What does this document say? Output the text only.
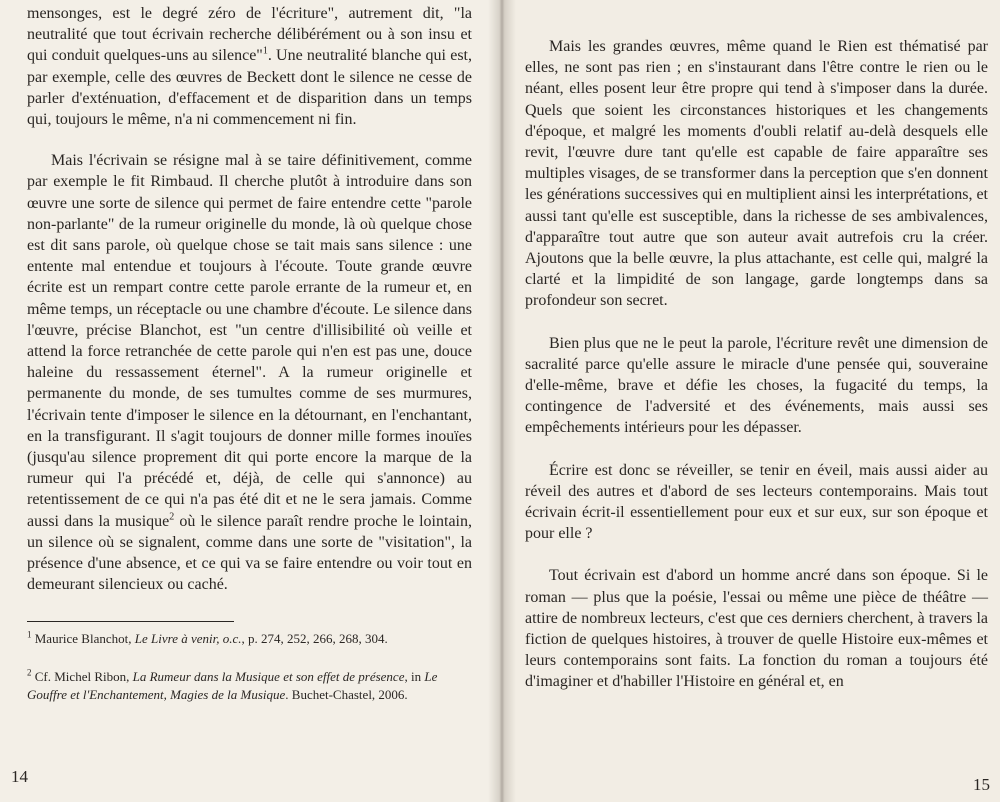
mensonges, est le degré zéro de l'écriture", autrement dit, "la neutralité que tout écrivain recherche délibérément ou à son insu et qui conduit quelques-uns au silence"$^1$. Une neutralité blanche qui est, par exemple, celle des œuvres de Beckett dont le silence ne cesse de parler d'exténuation, d'effacement et de disparition dans un temps qui, toujours le même, n'a ni commencement ni fin.

Mais l'écrivain se résigne mal à se taire définitivement, comme par exemple le fit Rimbaud. Il cherche plutôt à introduire dans son œuvre une sorte de silence qui permet de faire entendre cette "parole non-parlante" de la rumeur originelle du monde, là où quelque chose est dit sans parole, où quelque chose se tait mais sans silence : une entente mal entendue et toujours à l'écoute. Toute grande œuvre écrite est un rempart contre cette parole errante de la rumeur et, en même temps, un réceptacle ou une chambre d'écoute. Le silence dans l'œuvre, précise Blanchot, est "un centre d'illisibilité où veille et attend la force retranchée de cette parole qui n'en est pas une, douce haleine du ressassement éternel". A la rumeur originelle et permanente du monde, de ses tumultes comme de ses murmures, l'écrivain tente d'imposer le silence en la détournant, en l'enchantant, en la transfigurant. Il s'agit toujours de donner mille formes inouïes (jusqu'au silence proprement dit qui porte encore la marque de la rumeur qui l'a précédé et, déjà, de celle qui s'annonce) au retentissement de ce qui n'a pas été dit et ne le sera jamais. Comme aussi dans la musique$^2$ où le silence paraît rendre proche le lointain, un silence où se signalent, comme dans une sorte de "visitation", la présence d'une absence, et ce qui va se faire entendre ou voir tout en demeurant silencieux ou caché.

$^1$ Maurice Blanchot, Le Livre à venir, o.c., p. 274, 252, 266, 268, 304.

$^2$ Cf. Michel Ribon, La Rumeur dans la Musique et son effet de présence, in Le Gouffre et l'Enchantement, Magies de la Musique. Buchet-Chastel, 2006.

14

Mais les grandes œuvres, même quand le Rien est thématisé par elles, ne sont pas rien ; en s'instaurant dans l'être contre le rien ou le néant, elles posent leur être propre qui tend à s'imposer dans la durée. Quels que soient les circonstances historiques et les changements d'époque, et malgré les moments d'oubli relatif au-delà desquels elle revit, l'œuvre dure tant qu'elle est capable de faire apparaître ses multiples visages, de se transformer dans la perception que s'en donnent les générations successives qui en multiplient ainsi les interprétations, et aussi tant qu'elle est susceptible, dans la richesse de ses ambivalences, d'apparaître tout autre que son auteur avait autrefois cru la créer. Ajoutons que la belle œuvre, la plus attachante, est celle qui, malgré la clarté et la limpidité de son langage, garde longtemps dans sa profondeur son secret.

Bien plus que ne le peut la parole, l'écriture revêt une dimension de sacralité parce qu'elle assure le miracle d'une pensée qui, souveraine d'elle-même, brave et défie les choses, la fugacité du temps, la contingence de l'adversité et des événements, mais aussi ses empêchements intérieurs pour les dépasser.

Écrire est donc se réveiller, se tenir en éveil, mais aussi aider au réveil des autres et d'abord de ses lecteurs contemporains. Mais tout écrivain écrit-il essentiellement pour eux et sur eux, sur son époque et pour elle ?

Tout écrivain est d'abord un homme ancré dans son époque. Si le roman — plus que la poésie, l'essai ou même une pièce de théâtre — attire de nombreux lecteurs, c'est que ces derniers cherchent, à travers la fiction de quelques histoires, à trouver de quelle Histoire eux-mêmes et leurs contemporains sont faits. La fonction du roman a toujours été d'imaginer et d'habiller l'Histoire en général et, en

15
